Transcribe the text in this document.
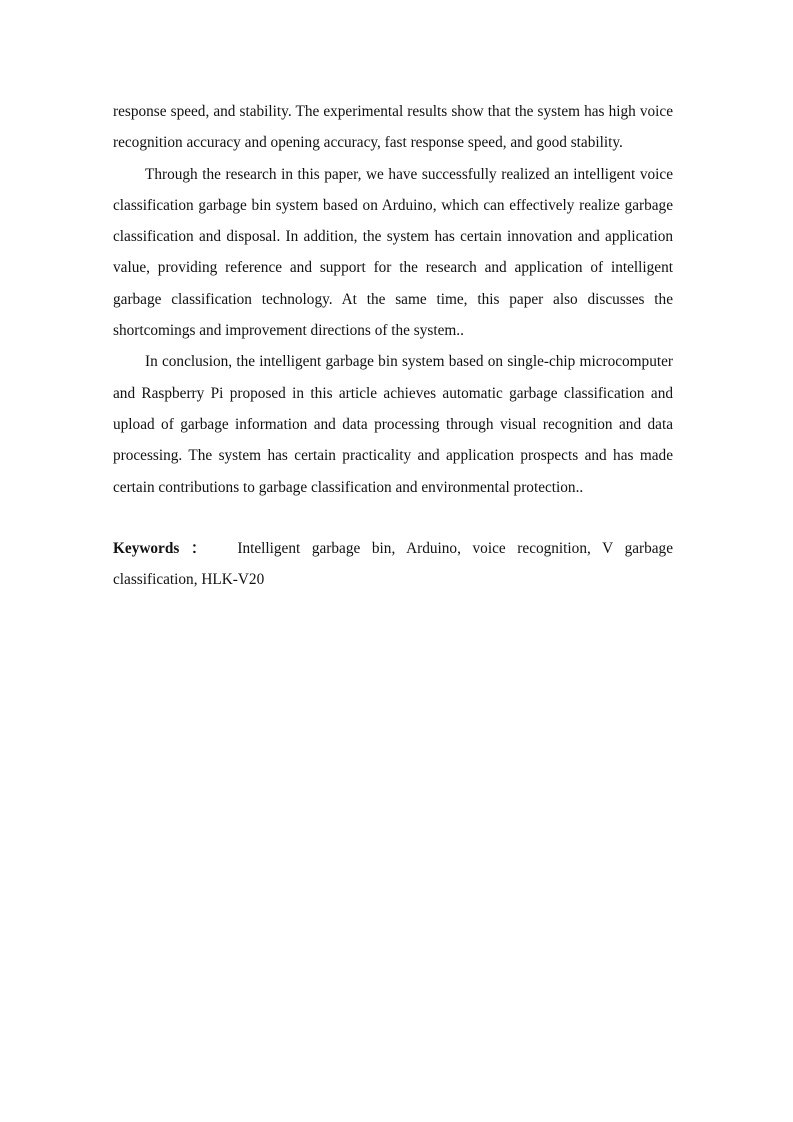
response speed, and stability. The experimental results show that the system has high voice recognition accuracy and opening accuracy, fast response speed, and good stability.

Through the research in this paper, we have successfully realized an intelligent voice classification garbage bin system based on Arduino, which can effectively realize garbage classification and disposal. In addition, the system has certain innovation and application value, providing reference and support for the research and application of intelligent garbage classification technology. At the same time, this paper also discusses the shortcomings and improvement directions of the system..

In conclusion, the intelligent garbage bin system based on single-chip microcomputer and Raspberry Pi proposed in this article achieves automatic garbage classification and upload of garbage information and data processing through visual recognition and data processing. The system has certain practicality and application prospects and has made certain contributions to garbage classification and environmental protection..

Keywords ： Intelligent garbage bin, Arduino, voice recognition, V garbage classification, HLK-V20
